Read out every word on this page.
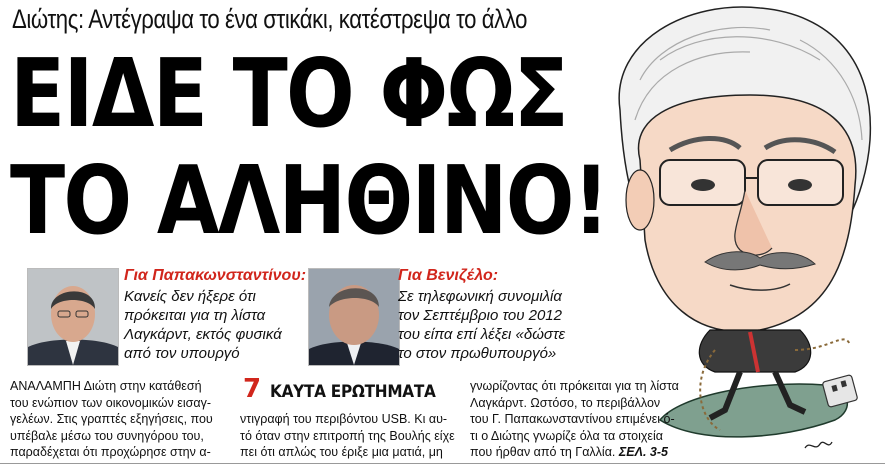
Διώτης: Αντέγραψα το ένα στικάκι, κατέστρεψα το άλλο
ΕΙΔΕ ΤΟ ΦΩΣ
ΤΟ ΑΛΗΘΙΝΟ!
Για Παπακωνσταντίνου:
Κανείς δεν ήξερε ότι
πρόκειται για τη λίστα
Λαγκάρντ, εκτός φυσικά
από τον υπουργό
Για Βενιζέλο:
Σε τηλεφωνική συνομιλία
τον Σεπτέμβριο του 2012
του είπα επί λέξει «δώστε
το στον πρωθυπουργό»
ΑΝΑΛΑΜΠΗ Διώτη στην κατάθεσή
του ενώπιον των οικονομικών εισαγ-
γελέων. Στις γραπτές εξηγήσεις, που
υπέβαλε μέσω του συνηγόρου του,
παραδέχεται ότι προχώρησε στην α-
7 ΚΑΥΤΑ ΕΡΩΤΗΜΑΤΑ
ντιγραφή του περιβόντου USB. Κι αυ-
τό όταν στην επιτροπή της Βουλής είχε
πει ότι απλώς του έριξε μια ματιά, μη
γνωρίζοντας ότι πρόκειται για τη λίστα
Λαγκάρντ. Ωστόσο, το περιβάλλον
του Γ. Παπακωνσταντίνου επιμένει ό-
τι ο Διώτης γνωρίζε όλα τα στοιχεία
που ήρθαν από τη Γαλλία. ΣΕΛ. 3-5
